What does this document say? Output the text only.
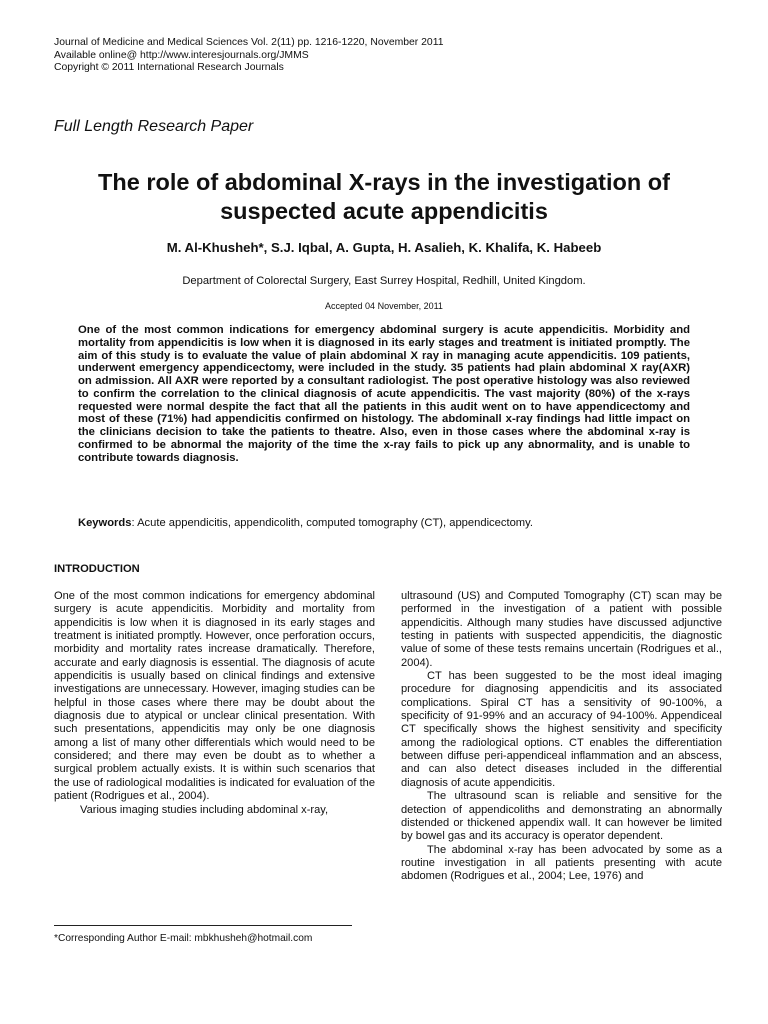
Journal of Medicine and Medical Sciences Vol. 2(11) pp. 1216-1220, November 2011
Available online@ http://www.interesjournals.org/JMMS
Copyright © 2011 International Research Journals
Full Length Research Paper
The role of abdominal X-rays in the investigation of suspected acute appendicitis
M. Al-Khusheh*, S.J. Iqbal, A. Gupta, H. Asalieh, K. Khalifa, K. Habeeb
Department of Colorectal Surgery, East Surrey Hospital, Redhill, United Kingdom.
Accepted 04 November, 2011
One of the most common indications for emergency abdominal surgery is acute appendicitis. Morbidity and mortality from appendicitis is low when it is diagnosed in its early stages and treatment is initiated promptly. The aim of this study is to evaluate the value of plain abdominal X ray in managing acute appendicitis. 109 patients, underwent emergency appendicectomy, were included in the study. 35 patients had plain abdominal X ray(AXR) on admission. All AXR were reported by a consultant radiologist. The post operative histology was also reviewed to confirm the correlation to the clinical diagnosis of acute appendicitis. The vast majority (80%) of the x-rays requested were normal despite the fact that all the patients in this audit went on to have appendicectomy and most of these (71%) had appendicitis confirmed on histology. The abdominall x-ray findings had little impact on the clinicians decision to take the patients to theatre. Also, even in those cases where the abdominal x-ray is confirmed to be abnormal the majority of the time the x-ray fails to pick up any abnormality, and is unable to contribute towards diagnosis.
Keywords: Acute appendicitis, appendicolith, computed tomography (CT), appendicectomy.
INTRODUCTION

One of the most common indications for emergency abdominal surgery is acute appendicitis. Morbidity and mortality from appendicitis is low when it is diagnosed in its early stages and treatment is initiated promptly. However, once perforation occurs, morbidity and mortality rates increase dramatically. Therefore, accurate and early diagnosis is essential. The diagnosis of acute appendicitis is usually based on clinical findings and extensive investigations are unnecessary. However, imaging studies can be helpful in those cases where there may be doubt about the diagnosis due to atypical or unclear clinical presentation. With such presentations, appendicitis may only be one diagnosis among a list of many other differentials which would need to be considered; and there may even be doubt as to whether a surgical problem actually exists. It is within such scenarios that the use of radiological modalities is indicated for evaluation of the patient (Rodrigues et al., 2004).

Various imaging studies including abdominal x-ray,

ultrasound (US) and Computed Tomography (CT) scan may be performed in the investigation of a patient with possible appendicitis. Although many studies have discussed adjunctive testing in patients with suspected appendicitis, the diagnostic value of some of these tests remains uncertain (Rodrigues et al., 2004).

CT has been suggested to be the most ideal imaging procedure for diagnosing appendicitis and its associated complications. Spiral CT has a sensitivity of 90-100%, a specificity of 91-99% and an accuracy of 94-100%. Appendiceal CT specifically shows the highest sensitivity and specificity among the radiological options. CT enables the differentiation between diffuse peri-appendiceal inflammation and an abscess, and can also detect diseases included in the differential diagnosis of acute appendicitis.

The ultrasound scan is reliable and sensitive for the detection of appendicoliths and demonstrating an abnormally distended or thickened appendix wall. It can however be limited by bowel gas and its accuracy is operator dependent.

The abdominal x-ray has been advocated by some as a routine investigation in all patients presenting with acute abdomen (Rodrigues et al., 2004; Lee, 1976) and

*Corresponding Author E-mail: mbkhusheh@hotmail.com
